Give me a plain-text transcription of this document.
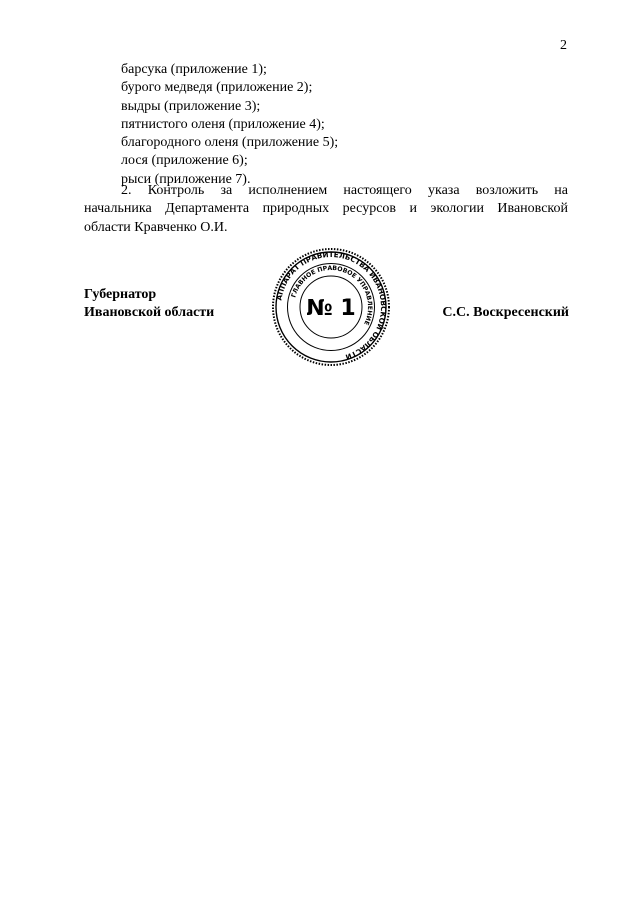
2
барсука (приложение 1);
бурого медведя (приложение 2);
выдры (приложение 3);
пятнистого оленя (приложение 4);
благородного оленя (приложение 5);
лося (приложение 6);
рыси (приложение 7).
2. Контроль за исполнением настоящего указа возложить на
начальника Департамента природных ресурсов и экологии Ивановской
области Кравченко О.И.
Губернатор
Ивановской области
АППАРАТ ПРАВИТЕЛЬСТВА ИВАНОВСКОЙ ОБЛАСТИ
ГЛАВНОЕ ПРАВОВОЕ УПРАВЛЕНИЕ
№ 1	С.С. Воскресенский
